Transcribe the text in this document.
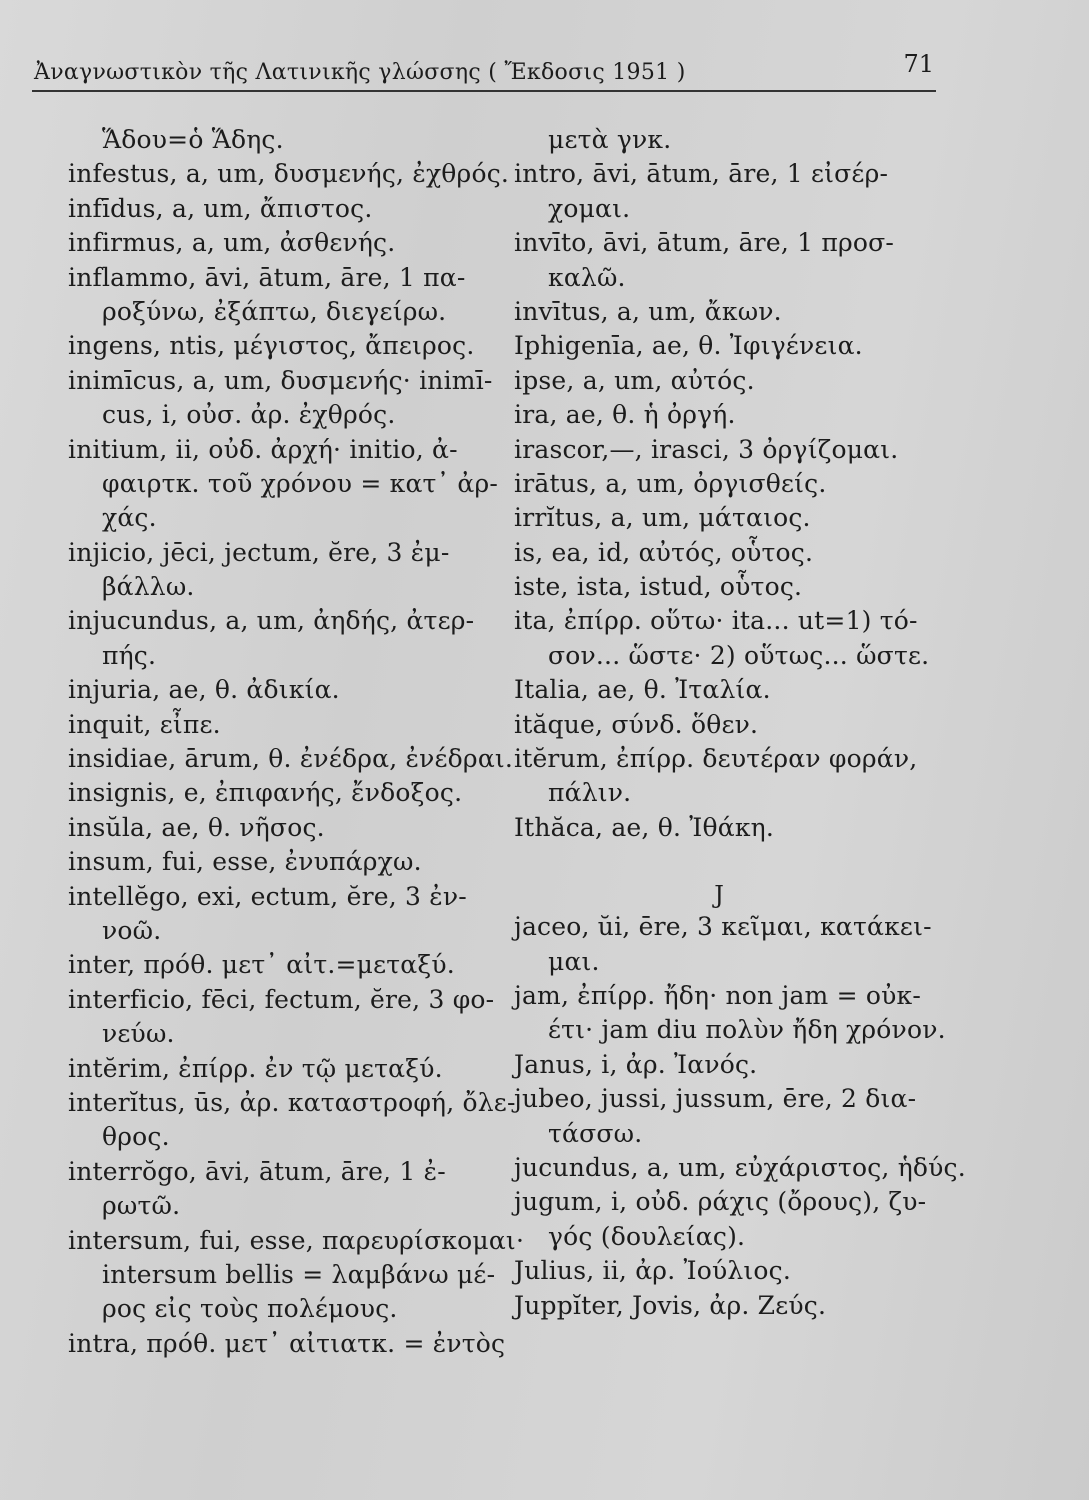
Ἀναγνωστικὸν τῆς Λατινικῆς γλώσσης ( Ἔκδοσις 1951 )	71
Ἅδου=ὁ Ἅδης.
infestus, a, um, δυσμενής, ἐχθρός.
infīdus, a, um, ἄπιστος.
infirmus, a, um, ἀσθενής.
inflammo, āvi, ātum, āre, 1 πα-
ροξύνω, ἐξάπτω, διεγείρω.
ingens, ntis, μέγιστος, ἄπειρος.
inimīcus, a, um, δυσμενής· inimī-
cus, i, οὐσ. ἀρ. ἐχθρός.
initium, ii, οὐδ. ἀρχή· initio, ἀ-
φαιρτκ. τοῦ χρόνου = κατ᾽ ἀρ-
χάς.
injicio, jēci, jectum, ĕre, 3 ἐμ-
βάλλω.
injucundus, a, um, ἀηδής, ἀτερ-
πής.
injuria, ae, θ. ἀδικία.
inquit, εἶπε.
insidiae, ārum, θ. ἐνέδρα, ἐνέδραι.
insignis, e, ἐπιφανής, ἔνδοξος.
insŭla, ae, θ. νῆσος.
insum, fui, esse, ἐνυπάρχω.
intellĕgo, exi, ectum, ĕre, 3 ἐν-
νοῶ.
inter, πρόθ. μετ᾽ αἰτ.=μεταξύ.
interficio, fēci, fectum, ĕre, 3 φο-
νεύω.
intĕrim, ἐπίρρ. ἐν τῷ μεταξύ.
interĭtus, ūs, ἀρ. καταστροφή, ὄλε-
θρος.
interrŏgo, āvi, ātum, āre, 1 ἐ-
ρωτῶ.
intersum, fui, esse, παρευρίσκομαι·
intersum bellis = λαμβάνω μέ-
ρος εἰς τοὺς πολέμους.
intra, πρόθ. μετ᾽ αἰτιατκ. = ἐντὸς
μετὰ γνκ.
intro, āvi, ātum, āre, 1 εἰσέρ-
χομαι.
invīto, āvi, ātum, āre, 1 προσ-
καλῶ.
invītus, a, um, ἄκων.
Iphigenīa, ae, θ. Ἰφιγένεια.
ipse, a, um, αὐτός.
ira, ae, θ. ἡ ὀργή.
irascor,—, irasci, 3 ὀργίζομαι.
irātus, a, um, ὀργισθείς.
irrĭtus, a, um, μάταιος.
is, ea, id, αὐτός, οὗτος.
iste, ista, istud, οὗτος.
ita, ἐπίρρ. οὕτω· ita... ut=1) τό-
σον... ὥστε· 2) οὕτως... ὥστε.
Italia, ae, θ. Ἰταλία.
ităque, σύνδ. ὅθεν.
itĕrum, ἐπίρρ. δευτέραν φοράν,
πάλιν.
Ithăca, ae, θ. Ἰθάκη.
J
jaceo, ŭi, ēre, 3 κεῖμαι, κατάκει-
μαι.
jam, ἐπίρρ. ἤδη· non jam = οὐκ-
έτι· jam diu πολὺν ἤδη χρόνον.
Janus, i, ἀρ. Ἰανός.
jubeo, jussi, jussum, ēre, 2 δια-
τάσσω.
jucundus, a, um, εὐχάριστος, ἡδύς.
jugum, i, οὐδ. ράχις (ὄρους), ζυ-
γός (δουλείας).
Julius, ii, ἀρ. Ἰούλιος.
Juppĭter, Jovis, ἀρ. Ζεύς.
